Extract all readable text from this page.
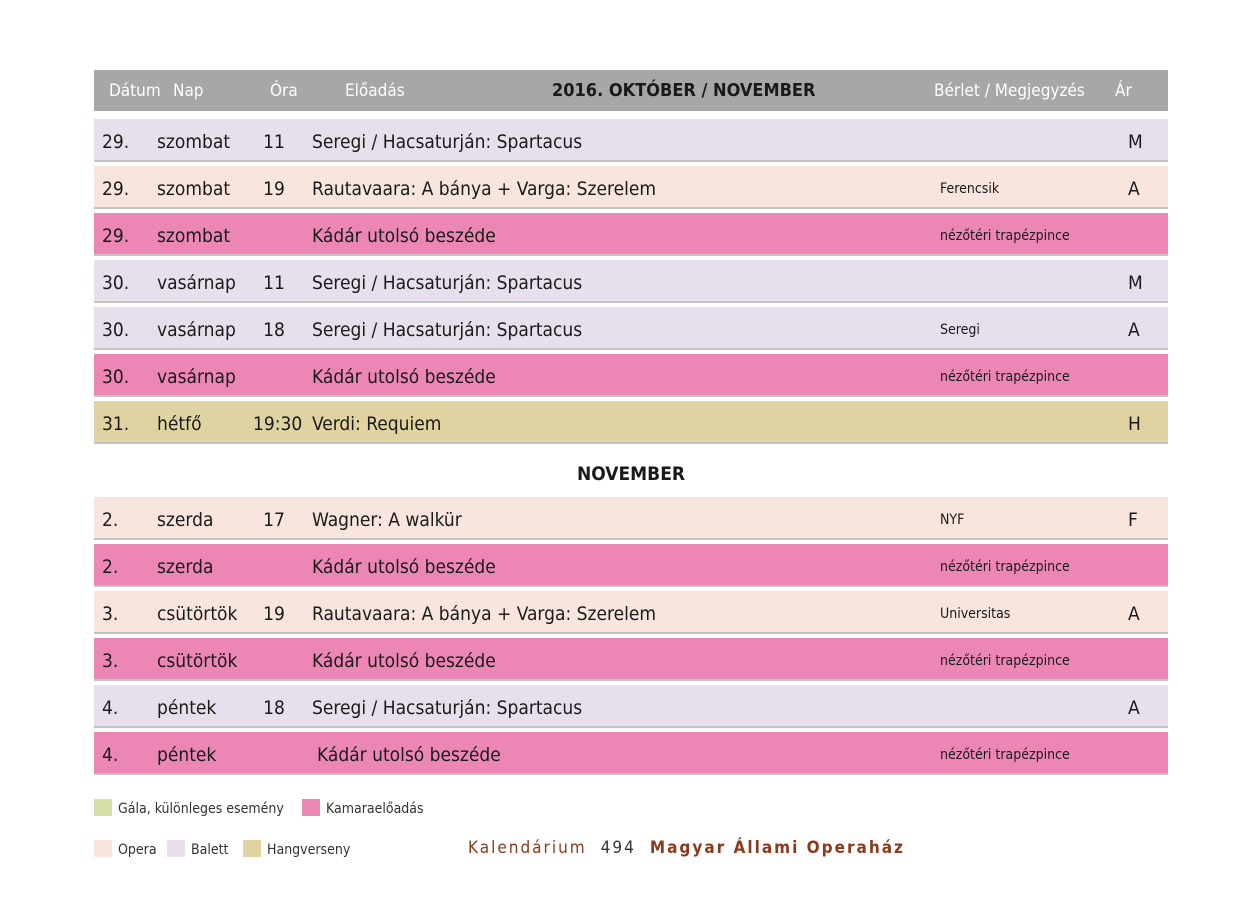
Dátum Nap	Óra	Előadás	2016. OKTÓBER / NOVEMBER	Bérlet / Megjegyzés Ár
29. szombat	11	Seregi / Hacsaturján: Spartacus	M
29. szombat	19	Rautavaara: A bánya + Varga: Szerelem	Ferencsik	A
29. szombat	Kádár utolsó beszéde	nézőtéri trapézpince
30. vasárnap	11	Seregi / Hacsaturján: Spartacus	M
30. vasárnap	18	Seregi / Hacsaturján: Spartacus	Seregi	A
30. vasárnap	Kádár utolsó beszéde	nézőtéri trapézpince
31. hétfő	19:30 Verdi: Requiem	H
NOVEMBER
2. szerda	17	Wagner: A walkür	NYF	F
2. szerda	Kádár utolsó beszéde	nézőtéri trapézpince
3. csütörtök	19	Rautavaara: A bánya + Varga: Szerelem	Universitas	A
3. csütörtök	Kádár utolsó beszéde	nézőtéri trapézpince
4. péntek	18	Seregi / Hacsaturján: Spartacus	A
4. péntek	Kádár utolsó beszéde	nézőtéri trapézpince
Gála, különleges esemény	Kamaraelőadás
Opera	Balett	Hangverseny	Kalendárium 494 Magyar Állami Operaház
